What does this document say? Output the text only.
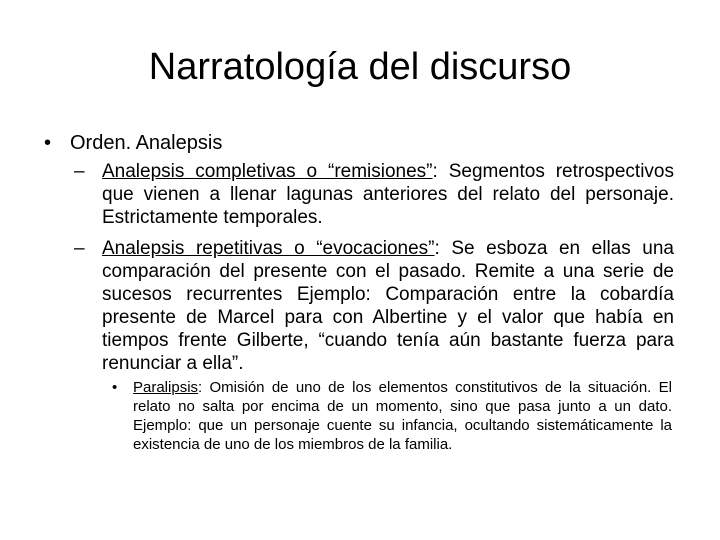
Narratología del discurso
• Orden. Analepsis
– Analepsis completivas o “remisiones”: Segmentos retrospectivos que vienen a llenar lagunas anteriores del relato del personaje. Estrictamente temporales.
– Analepsis repetitivas o “evocaciones”: Se esboza en ellas una comparación del presente con el pasado. Remite a una serie de sucesos recurrentes Ejemplo: Comparación entre la cobardía presente de Marcel para con Albertine y el valor que había en tiempos frente Gilberte, “cuando tenía aún bastante fuerza para renunciar a ella”.
• Paralipsis: Omisión de uno de los elementos constitutivos de la situación. El relato no salta por encima de un momento, sino que pasa junto a un dato. Ejemplo: que un personaje cuente su infancia, ocultando sistemáticamente la existencia de uno de los miembros de la familia.
